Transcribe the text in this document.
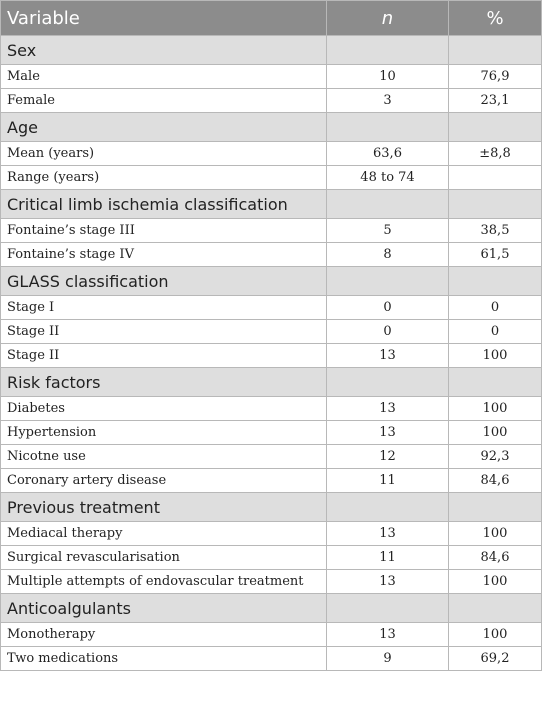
Variable	n	%
Sex		
Male	10	76,9
Female	3	23,1
Age		
Mean (years)	63,6	±8,8
Range (years)	48 to 74	
Critical limb ischemia classification		
Fontaine’s stage III	5	38,5
Fontaine’s stage IV	8	61,5
GLASS classification		
Stage I	0	0
Stage II	0	0
Stage II	13	100
Risk factors		
Diabetes	13	100
Hypertension	13	100
Nicotne use	12	92,3
Coronary artery disease	11	84,6
Previous treatment		
Mediacal therapy	13	100
Surgical revascularisation	11	84,6
Multiple attempts of endovascular treatment	13	100
Anticoalgulants		
Monotherapy	13	100
Two medications	9	69,2
